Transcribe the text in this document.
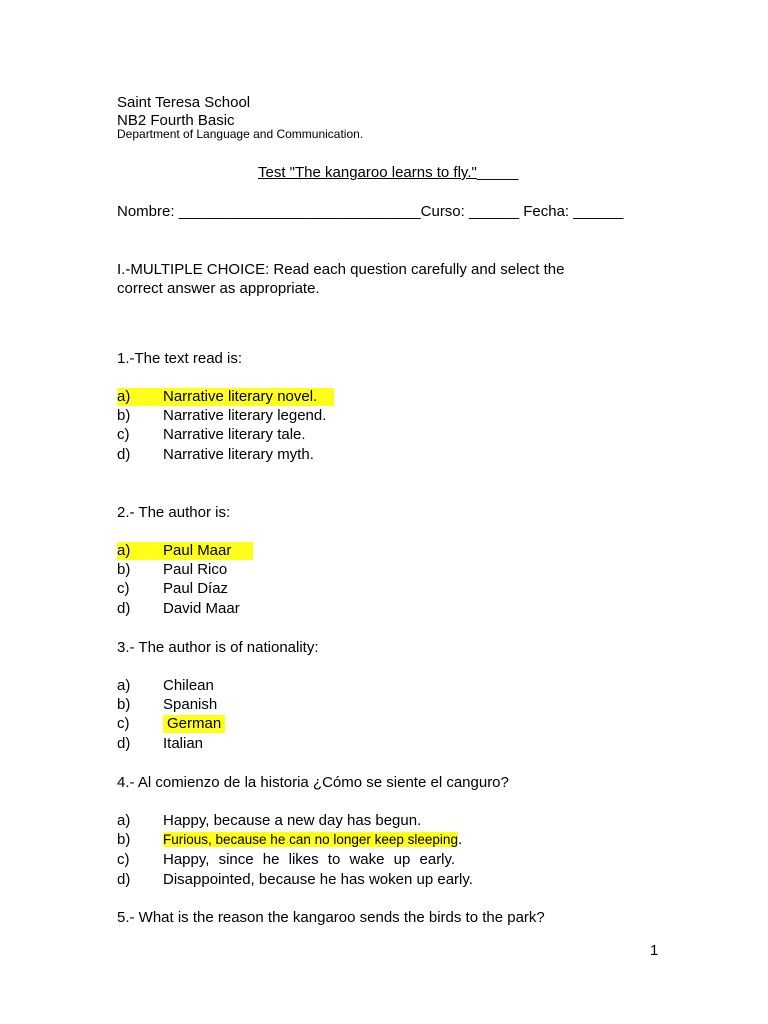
Saint Teresa School
NB2 Fourth Basic
Department of Language and Communication.
Test "The kangaroo learns to fly."_____
Nombre: _____________________________Curso: ______ Fecha: ______
I.-MULTIPLE CHOICE: Read each question carefully and select the
correct answer as appropriate.
1.-The text read is:

a)

Narrative literary novel.

b)

Narrative literary legend.

c)

Narrative literary tale.

d)

Narrative literary myth.

2.- The author is:

a)

Paul Maar

b)

Paul Rico

c)

Paul Díaz

d)

David Maar

3.- The author is of nationality:

a)

Chilean

b)

Spanish

c)

	German

d)

Italian

4.- Al comienzo de la historia ¿Cómo se siente el canguro?

a)

Happy, because a new day has begun.

b)

Furious, because he can no longer keep sleeping.

c)

Happy, since he likes to wake up early.

d)

Disappointed, because he has woken up early.

5.- What is the reason the kangaroo sends the birds to the park?
1
